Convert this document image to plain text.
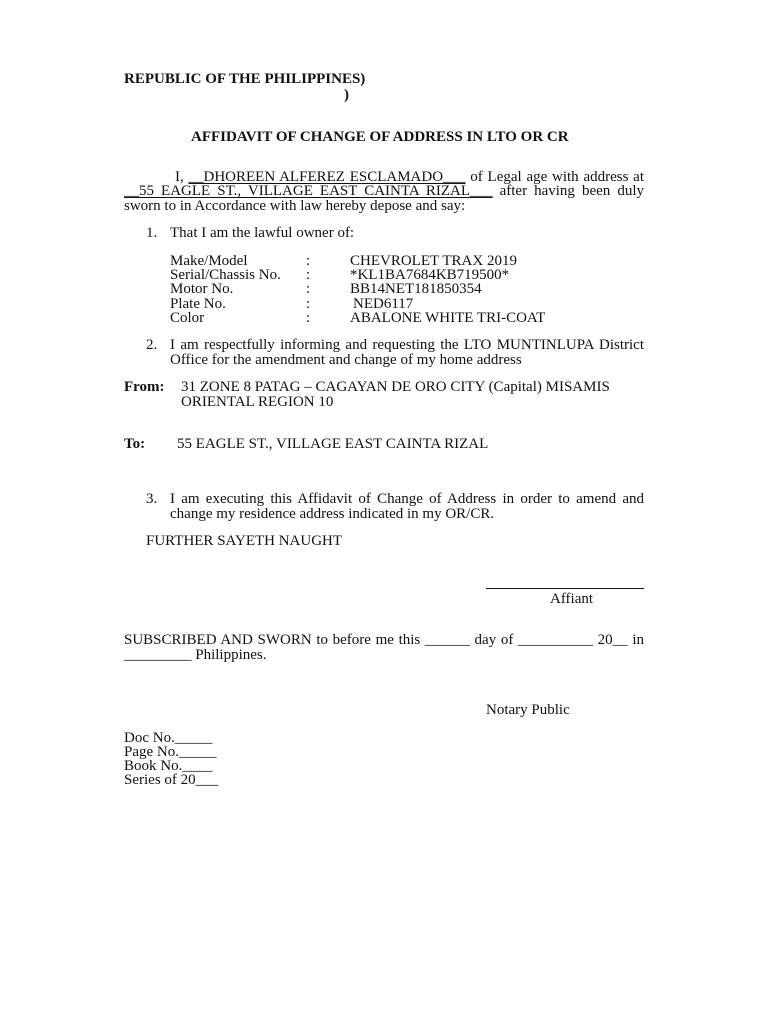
REPUBLIC OF THE PHILIPPINES)
)
AFFIDAVIT OF CHANGE OF ADDRESS IN LTO OR CR
I, __DHOREEN ALFEREZ ESCLAMADO___ of Legal age with address at
__55 EAGLE ST., VILLAGE EAST CAINTA RIZAL___ after having been duly
sworn to in Accordance with law hereby depose and say:
1. That I am the lawful owner of:
Make/Model	:	CHEVROLET TRAX 2019
Serial/Chassis No. :	*KL1BA7684KB719500*
Motor No.	:	BB14NET181850354
Plate No.	:	NED6117
Color	:	ABALONE WHITE TRI-COAT
2. I am respectfully informing and requesting the LTO MUNTINLUPA District
Office for the amendment and change of my home address
From: 31 ZONE 8 PATAG – CAGAYAN DE ORO CITY (Capital) MISAMIS
ORIENTAL REGION 10
To: 55 EAGLE ST., VILLAGE EAST CAINTA RIZAL
3. I am executing this Affidavit of Change of Address in order to amend and
change my residence address indicated in my OR/CR.
FURTHER SAYETH NAUGHT
Affiant
SUBSCRIBED AND SWORN to before me this ______ day of __________ 20__ in
_________ Philippines.
Notary Public
Doc No._____
Page No._____
Book No.____
Series of 20___
